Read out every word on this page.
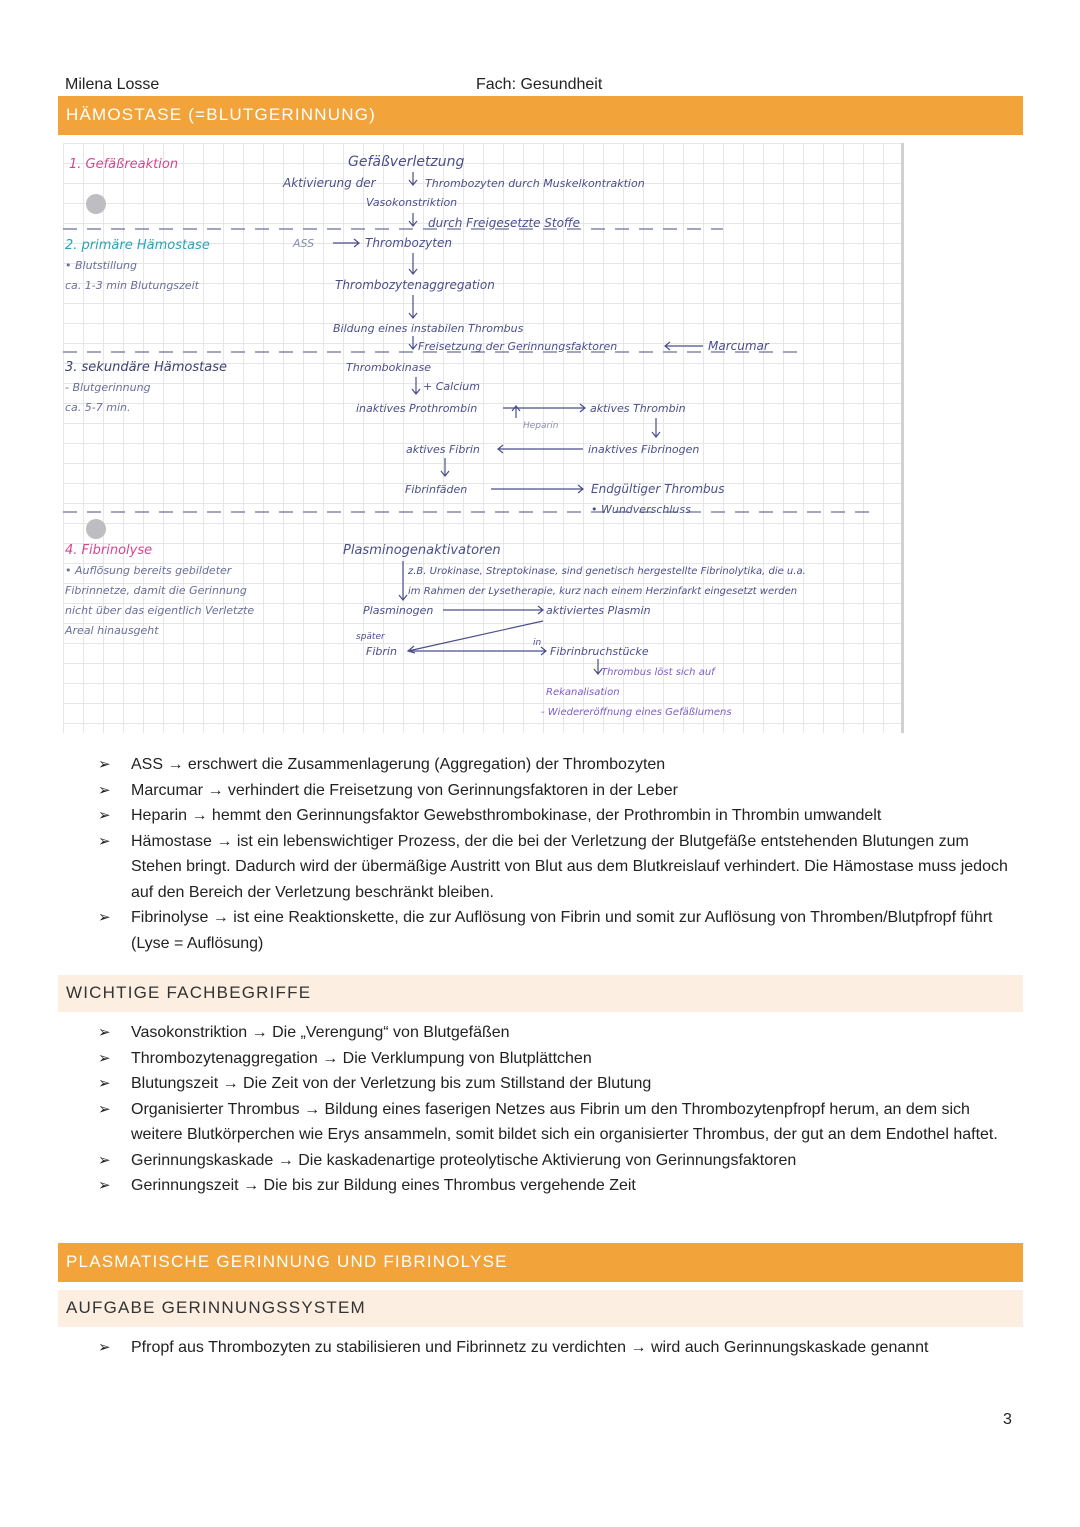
Milena Losse	Fach: Gesundheit
HÄMOSTASE (=BLUTGERINNUNG)
1. Gefäßreaktion
2. primäre Hämostase
• Blutstillung
ca. 1-3 min Blutungszeit
3. sekundäre Hämostase
- Blutgerinnung
ca. 5-7 min.
4. Fibrinolyse
• Auflösung bereits gebildeter
Fibrinnetze, damit die Gerinnung
nicht über das eigentlich Verletzte
Areal hinausgeht
Gefäßverletzung
Aktivierung der	Thrombozyten durch Muskelkontraktion
Vasokonstriktion
durch Freigesetzte Stoffe
ASS	Thrombozyten
Thrombozytenaggregation
Bildung eines instabilen Thrombus
Freisetzung der Gerinnungsfaktoren	Marcumar
Thrombokinase
+ Calcium
inaktives Prothrombin	aktives Thrombin
Heparin
aktives Fibrin	inaktives Fibrinogen
Fibrinfäden	Endgültiger Thrombus
• Wundverschluss
Plasminogenaktivatoren
z.B. Urokinase, Streptokinase, sind genetisch hergestellte Fibrinolytika, die u.a.
im Rahmen der Lysetherapie, kurz nach einem Herzinfarkt eingesetzt werden
Plasminogen	aktiviertes Plasmin
später
Fibrin
in
Fibrinbruchstücke
Thrombus löst sich auf
Rekanalisation
- Wiedereröffnung eines Gefäßlumens
➢ ASS → erschwert die Zusammenlagerung (Aggregation) der Thrombozyten
➢ Marcumar → verhindert die Freisetzung von Gerinnungsfaktoren in der Leber
➢ Heparin → hemmt den Gerinnungsfaktor Gewebsthrombokinase, der Prothrombin in Thrombin umwandelt
➢ Hämostase → ist ein lebenswichtiger Prozess, der die bei der Verletzung der Blutgefäße entstehenden Blutungen zum Stehen bringt. Dadurch wird der übermäßige Austritt von Blut aus dem Blutkreislauf verhindert. Die Hämostase muss jedoch auf den Bereich der Verletzung beschränkt bleiben.
➢ Fibrinolyse → ist eine Reaktionskette, die zur Auflösung von Fibrin und somit zur Auflösung von Thromben/Blutpfropf führt (Lyse = Auflösung)
WICHTIGE FACHBEGRIFFE
➢ Vasokonstriktion → Die „Verengung“ von Blutgefäßen
➢ Thrombozytenaggregation → Die Verklumpung von Blutplättchen
➢ Blutungszeit → Die Zeit von der Verletzung bis zum Stillstand der Blutung
➢ Organisierter Thrombus → Bildung eines faserigen Netzes aus Fibrin um den Thrombozytenpfropf herum, an dem sich weitere Blutkörperchen wie Erys ansammeln, somit bildet sich ein organisierter Thrombus, der gut an dem Endothel haftet.
➢ Gerinnungskaskade → Die kaskadenartige proteolytische Aktivierung von Gerinnungsfaktoren
➢ Gerinnungszeit → Die bis zur Bildung eines Thrombus vergehende Zeit
PLASMATISCHE GERINNUNG UND FIBRINOLYSE
AUFGABE GERINNUNGSSYSTEM
➢ Pfropf aus Thrombozyten zu stabilisieren und Fibrinnetz zu verdichten → wird auch Gerinnungskaskade genannt
3
